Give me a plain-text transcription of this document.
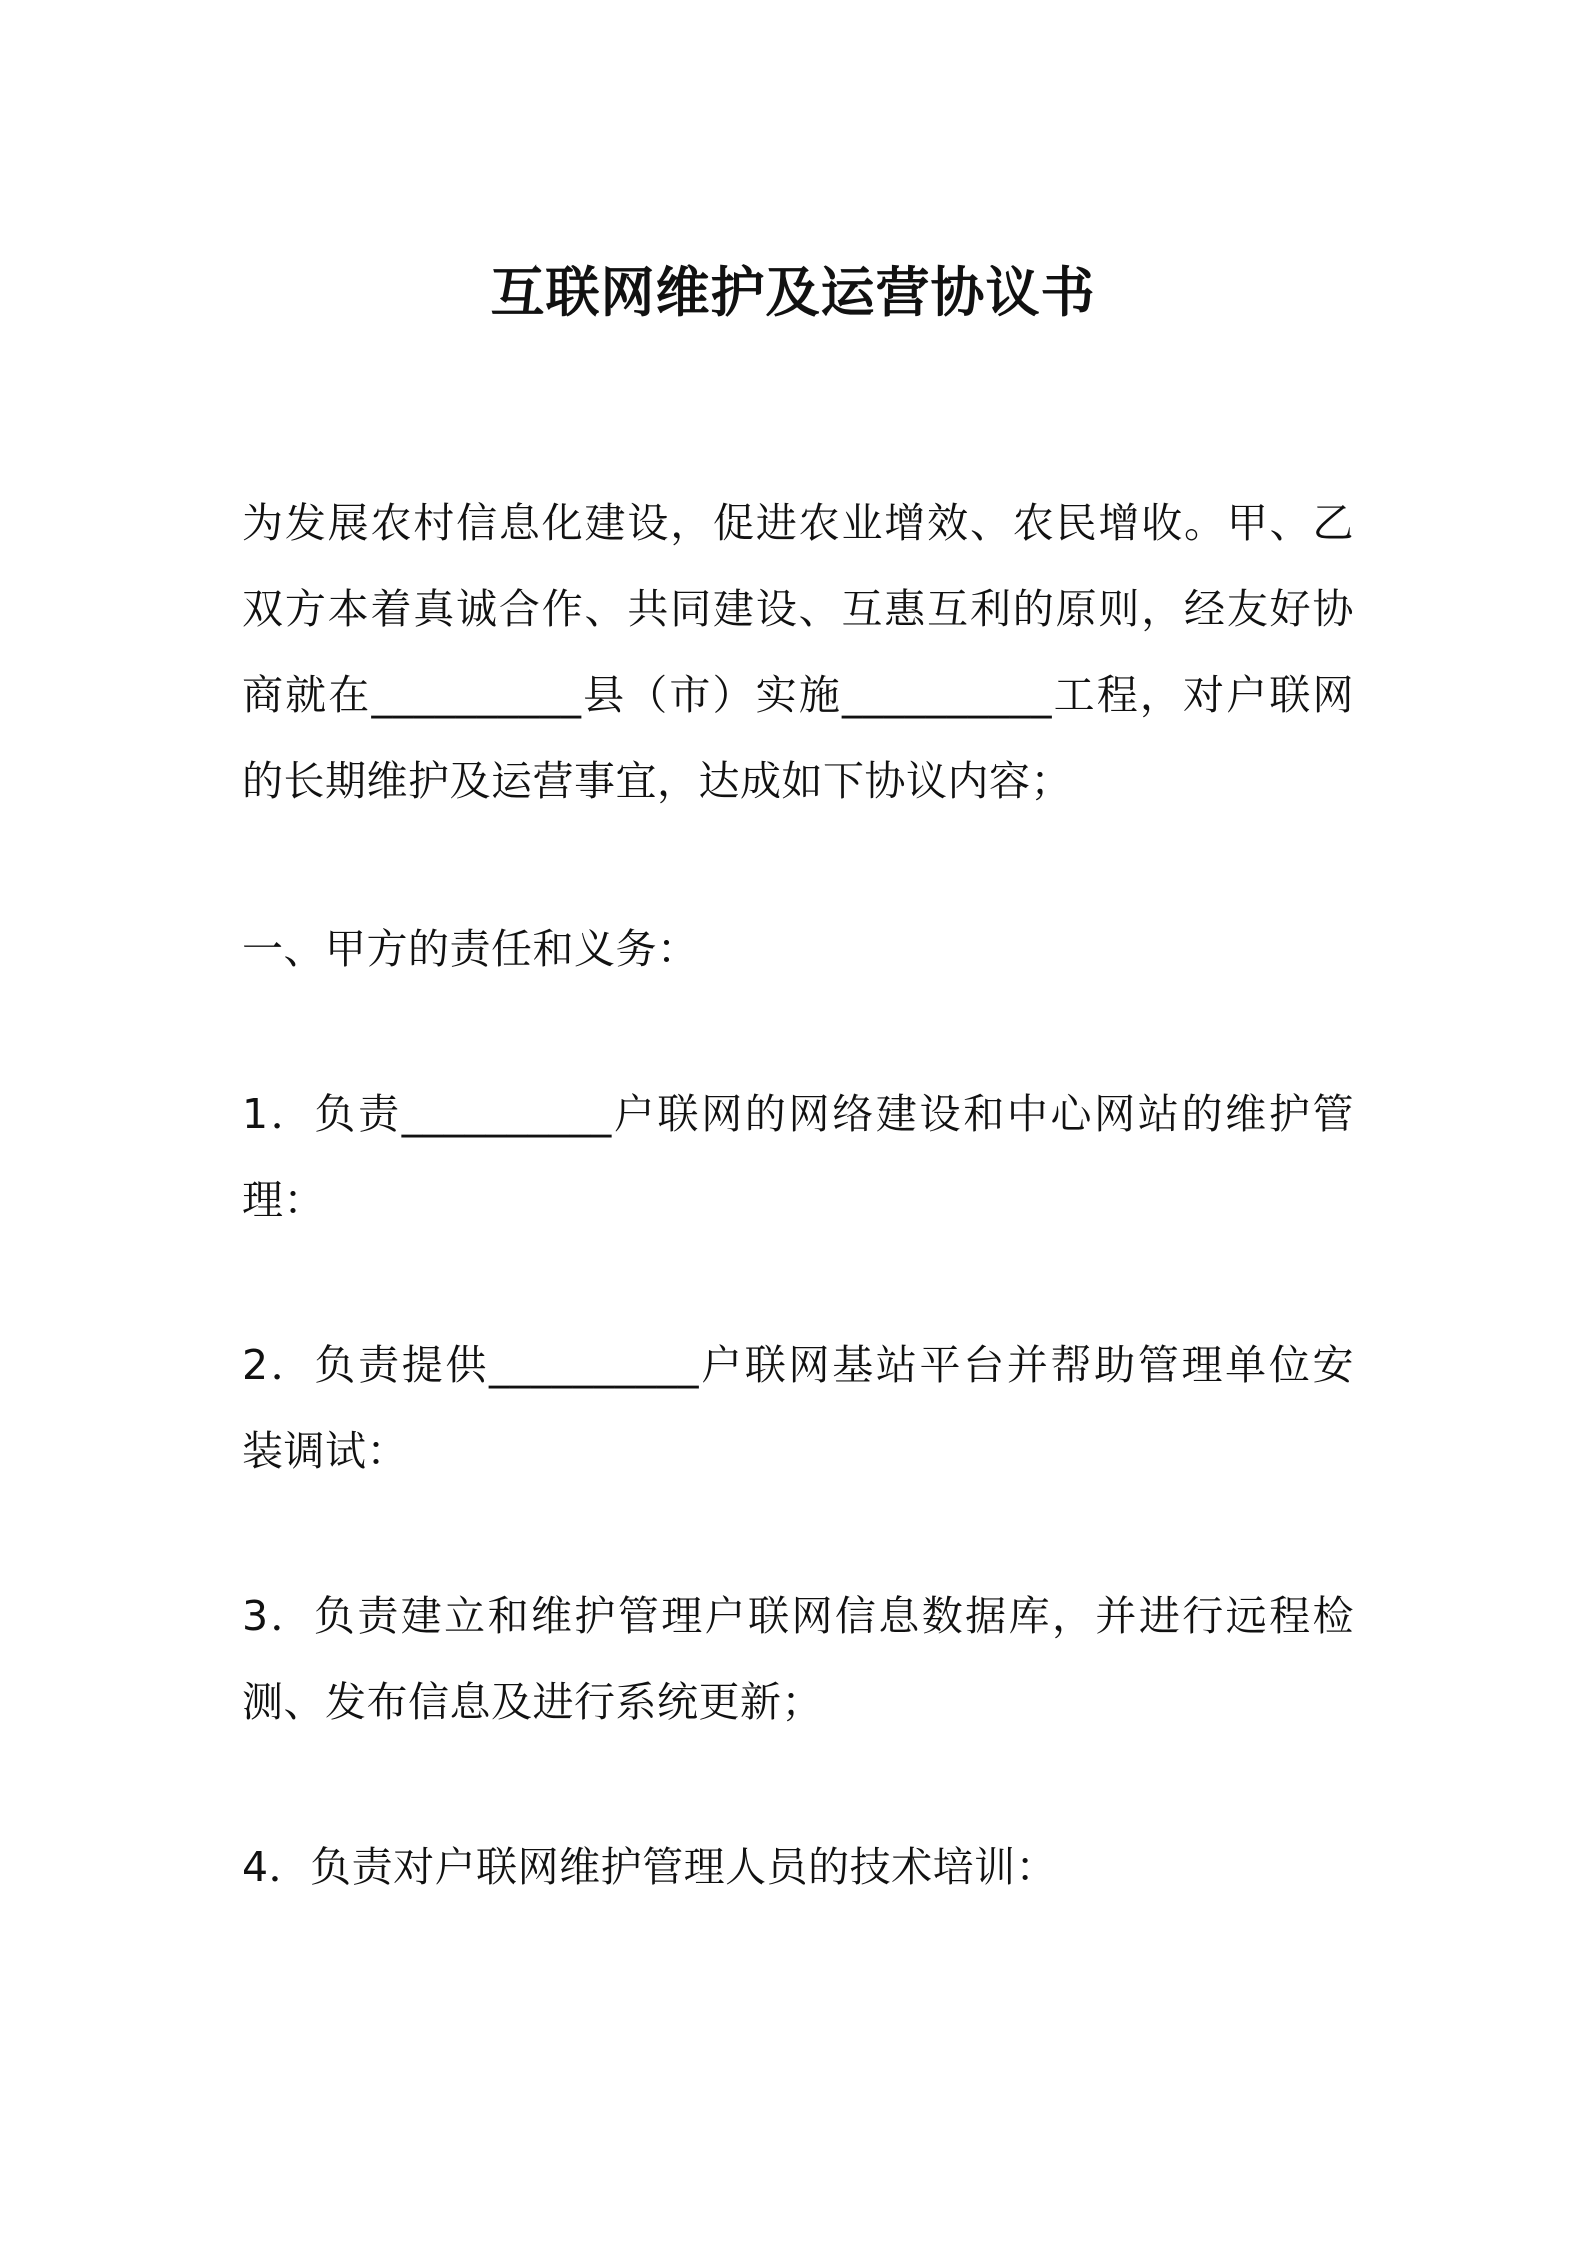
互联网维护及运营协议书

为发展农村信息化建设，促进农业增效、农民增收。甲、乙
双方本着真诚合作、共同建设、互惠互利的原则，经友好协
商就在__________县（市）实施__________工程，对户联网
的长期维护及运营事宜，达成如下协议内容；

一、甲方的责任和义务：

1．负责__________户联网的网络建设和中心网站的维护管
理：

2．负责提供__________户联网基站平台并帮助管理单位安
装调试：

3．负责建立和维护管理户联网信息数据库，并进行远程检
测、发布信息及进行系统更新；

4．负责对户联网维护管理人员的技术培训：
